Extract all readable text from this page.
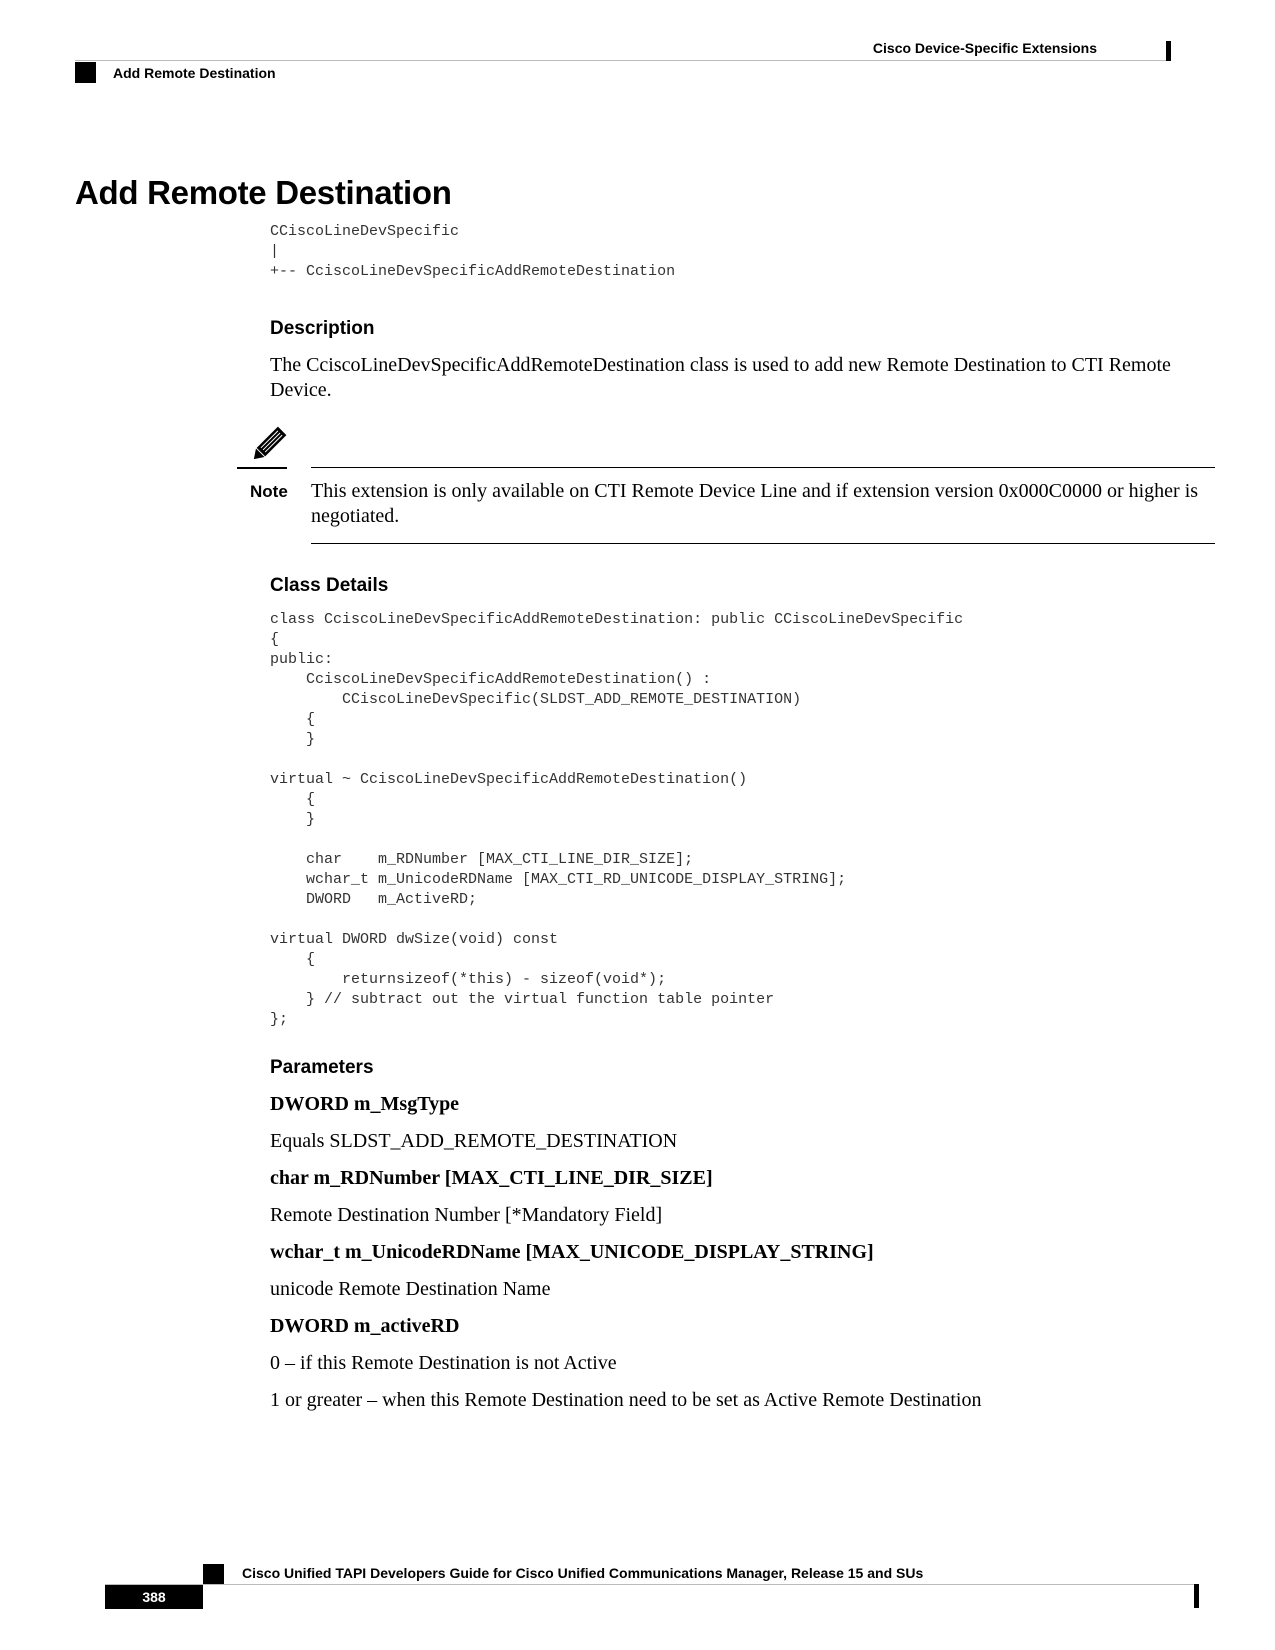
Cisco Device-Specific Extensions
Add Remote Destination
Add Remote Destination
CCiscoLineDevSpecific
|
+-- CciscoLineDevSpecificAddRemoteDestination
Description
The CciscoLineDevSpecificAddRemoteDestination class is used to add new Remote Destination to CTI Remote Device.
Note This extension is only available on CTI Remote Device Line and if extension version 0x000C0000 or higher is negotiated.
Class Details
class CciscoLineDevSpecificAddRemoteDestination: public CCiscoLineDevSpecific
{
public:
CciscoLineDevSpecificAddRemoteDestination() :
CCiscoLineDevSpecific(SLDST_ADD_REMOTE_DESTINATION)
{
}

virtual ~ CciscoLineDevSpecificAddRemoteDestination()
{
}

char    m_RDNumber [MAX_CTI_LINE_DIR_SIZE];
wchar_t m_UnicodeRDName [MAX_CTI_RD_UNICODE_DISPLAY_STRING];
DWORD   m_ActiveRD;

virtual DWORD dwSize(void) const
{
returnsizeof(*this) - sizeof(void*);
} // subtract out the virtual function table pointer
};
Parameters
DWORD m_MsgType
Equals SLDST_ADD_REMOTE_DESTINATION
char m_RDNumber [MAX_CTI_LINE_DIR_SIZE]
Remote Destination Number [*Mandatory Field]
wchar_t m_UnicodeRDName [MAX_UNICODE_DISPLAY_STRING]
unicode Remote Destination Name
DWORD m_activeRD
0 – if this Remote Destination is not Active
1 or greater – when this Remote Destination need to be set as Active Remote Destination
Cisco Unified TAPI Developers Guide for Cisco Unified Communications Manager, Release 15 and SUs
388
